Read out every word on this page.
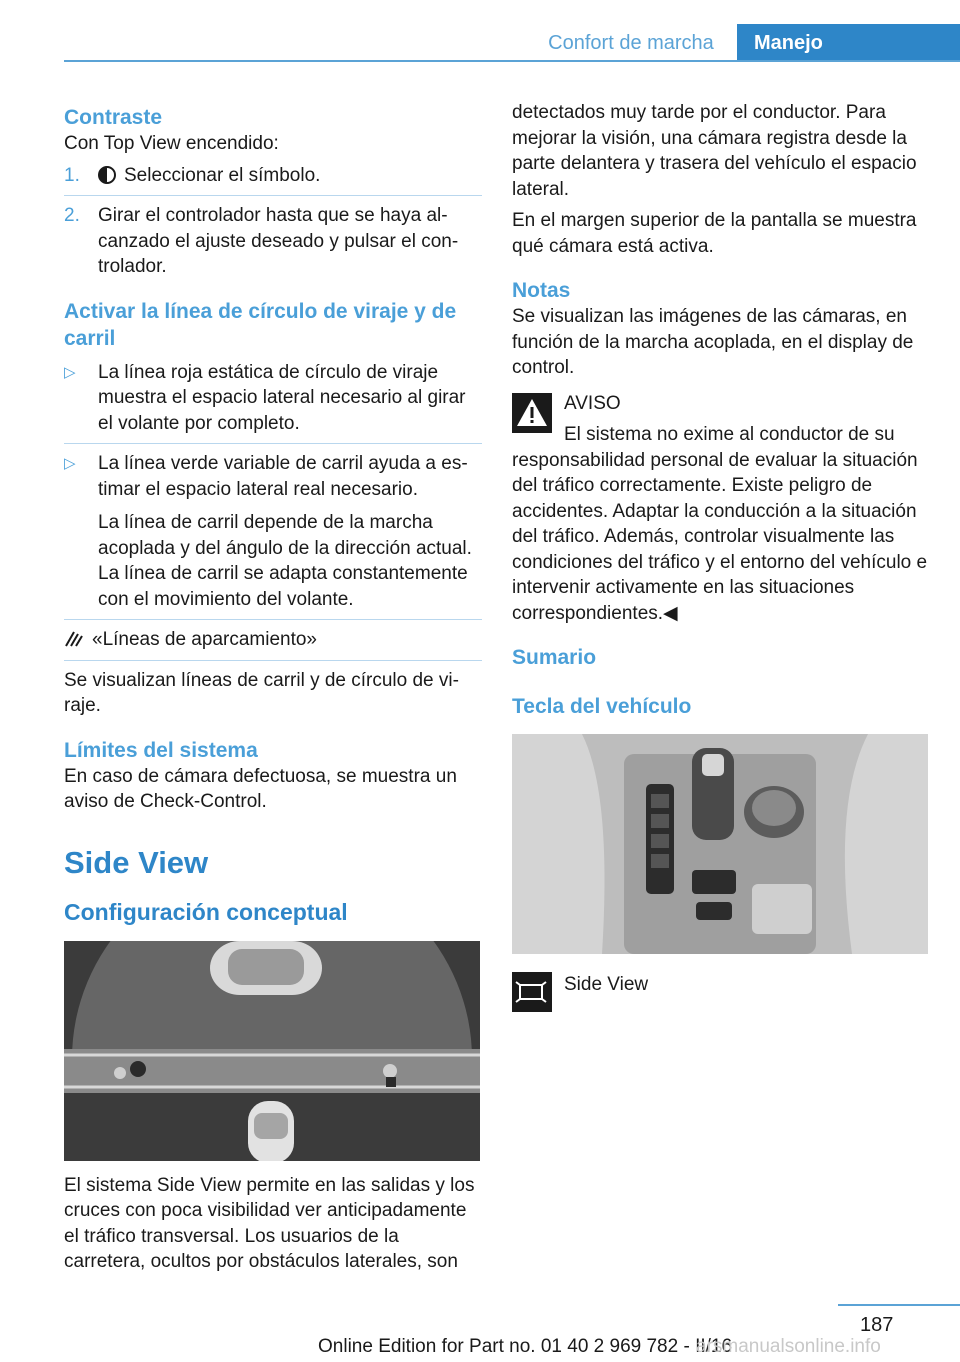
Confort de marcha	Manejo
Contraste

Con Top View encendido:

1. Seleccionar el símbolo.
2. Girar el controlador hasta que se haya alcanzado el ajuste deseado y pulsar el controlador.
Activar la línea de círculo de viraje y de carril
▷ La línea roja estática de círculo de viraje muestra el espacio lateral necesario al girar el volante por completo.
▷ La línea verde variable de carril ayuda a estimar el espacio lateral real necesario.

La línea de carril depende de la marcha acoplada y del ángulo de la dirección actual. La línea de carril se adapta constantemente con el movimiento del volante.

«Líneas de aparcamiento»

Se visualizan líneas de carril y de círculo de viraje.

Límites del sistema

En caso de cámara defectuosa, se muestra un aviso de Check-Control.

Side View
Configuración conceptual

El sistema Side View permite en las salidas y los cruces con poca visibilidad ver anticipadamente el tráfico transversal. Los usuarios de la carretera, ocultos por obstáculos laterales, son

detectados muy tarde por el conductor. Para mejorar la visión, una cámara registra desde la parte delantera y trasera del vehículo el espacio lateral.

En el margen superior de la pantalla se muestra qué cámara está activa.

Notas

Se visualizan las imágenes de las cámaras, en función de la marcha acoplada, en el display de control.

AVISO

El sistema no exime al conductor de su responsabilidad personal de evaluar la situación del tráfico correctamente. Existe peligro de accidentes. Adaptar la conducción a la situación del tráfico. Además, controlar visualmente las condiciones del tráfico y el entorno del vehículo e intervenir activamente en las situaciones correspondientes.◀

Sumario
Tecla del vehículo

Side View

187
Online Edition for Part no. 01 40 2 969 782 - II/16
arsmanualsonline.info
